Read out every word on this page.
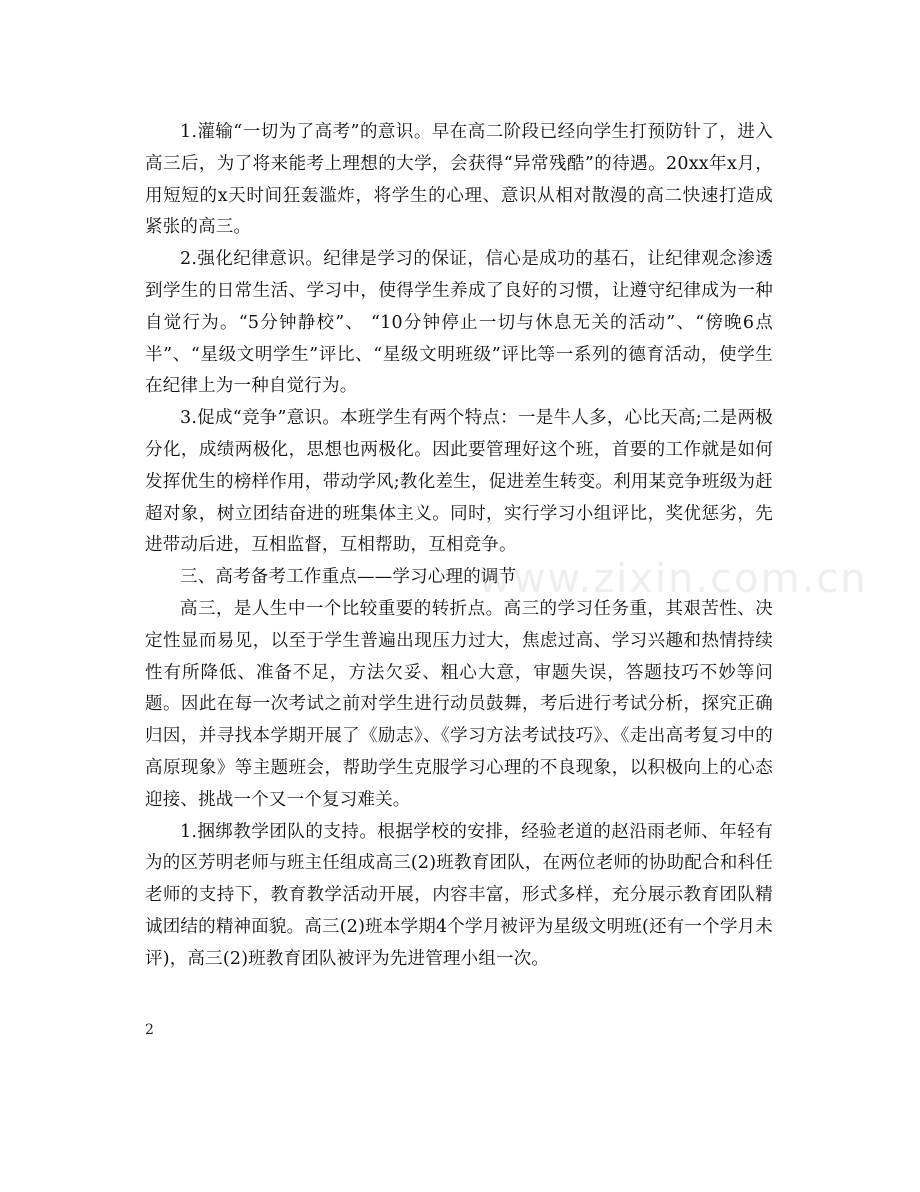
1.灌输“一切为了高考”的意识。早在高二阶段已经向学生打预防针了，进入高三后，为了将来能考上理想的大学，会获得“异常残酷”的待遇。20xx年x月，用短短的x天时间狂轰滥炸，将学生的心理、意识从相对散漫的高二快速打造成紧张的高三。

2.强化纪律意识。纪律是学习的保证，信心是成功的基石，让纪律观念渗透到学生的日常生活、学习中，使得学生养成了良好的习惯，让遵守纪律成为一种自觉行为。“5分钟静校”、 “10分钟停止一切与休息无关的活动”、“傍晚6点半”、“星级文明学生”评比、“星级文明班级”评比等一系列的德育活动，使学生在纪律上为一种自觉行为。

3.促成“竞争”意识。本班学生有两个特点：一是牛人多，心比天高;二是两极分化，成绩两极化，思想也两极化。因此要管理好这个班，首要的工作就是如何发挥优生的榜样作用，带动学风;教化差生，促进差生转变。利用某竞争班级为赶超对象，树立团结奋进的班集体主义。同时，实行学习小组评比，奖优惩劣，先进带动后进，互相监督，互相帮助，互相竞争。

三、高考备考工作重点——学习心理的调节

高三，是人生中一个比较重要的转折点。高三的学习任务重，其艰苦性、决定性显而易见，以至于学生普遍出现压力过大，焦虑过高、学习兴趣和热情持续性有所降低、准备不足，方法欠妥、粗心大意，审题失误，答题技巧不妙等问题。因此在每一次考试之前对学生进行动员鼓舞，考后进行考试分析，探究正确归因，并寻找本学期开展了《励志》、《学习方法考试技巧》、《走出高考复习中的高原现象》等主题班会，帮助学生克服学习心理的不良现象，以积极向上的心态迎接、挑战一个又一个复习难关。

1.捆绑教学团队的支持。根据学校的安排，经验老道的赵沿雨老师、年轻有为的区芳明老师与班主任组成高三(2)班教育团队，在两位老师的协助配合和科任老师的支持下，教育教学活动开展，内容丰富，形式多样，充分展示教育团队精诚团结的精神面貌。高三(2)班本学期4个学月被评为星级文明班(还有一个学月未评)，高三(2)班教育团队被评为先进管理小组一次。

www.zixin.com.cn
2
